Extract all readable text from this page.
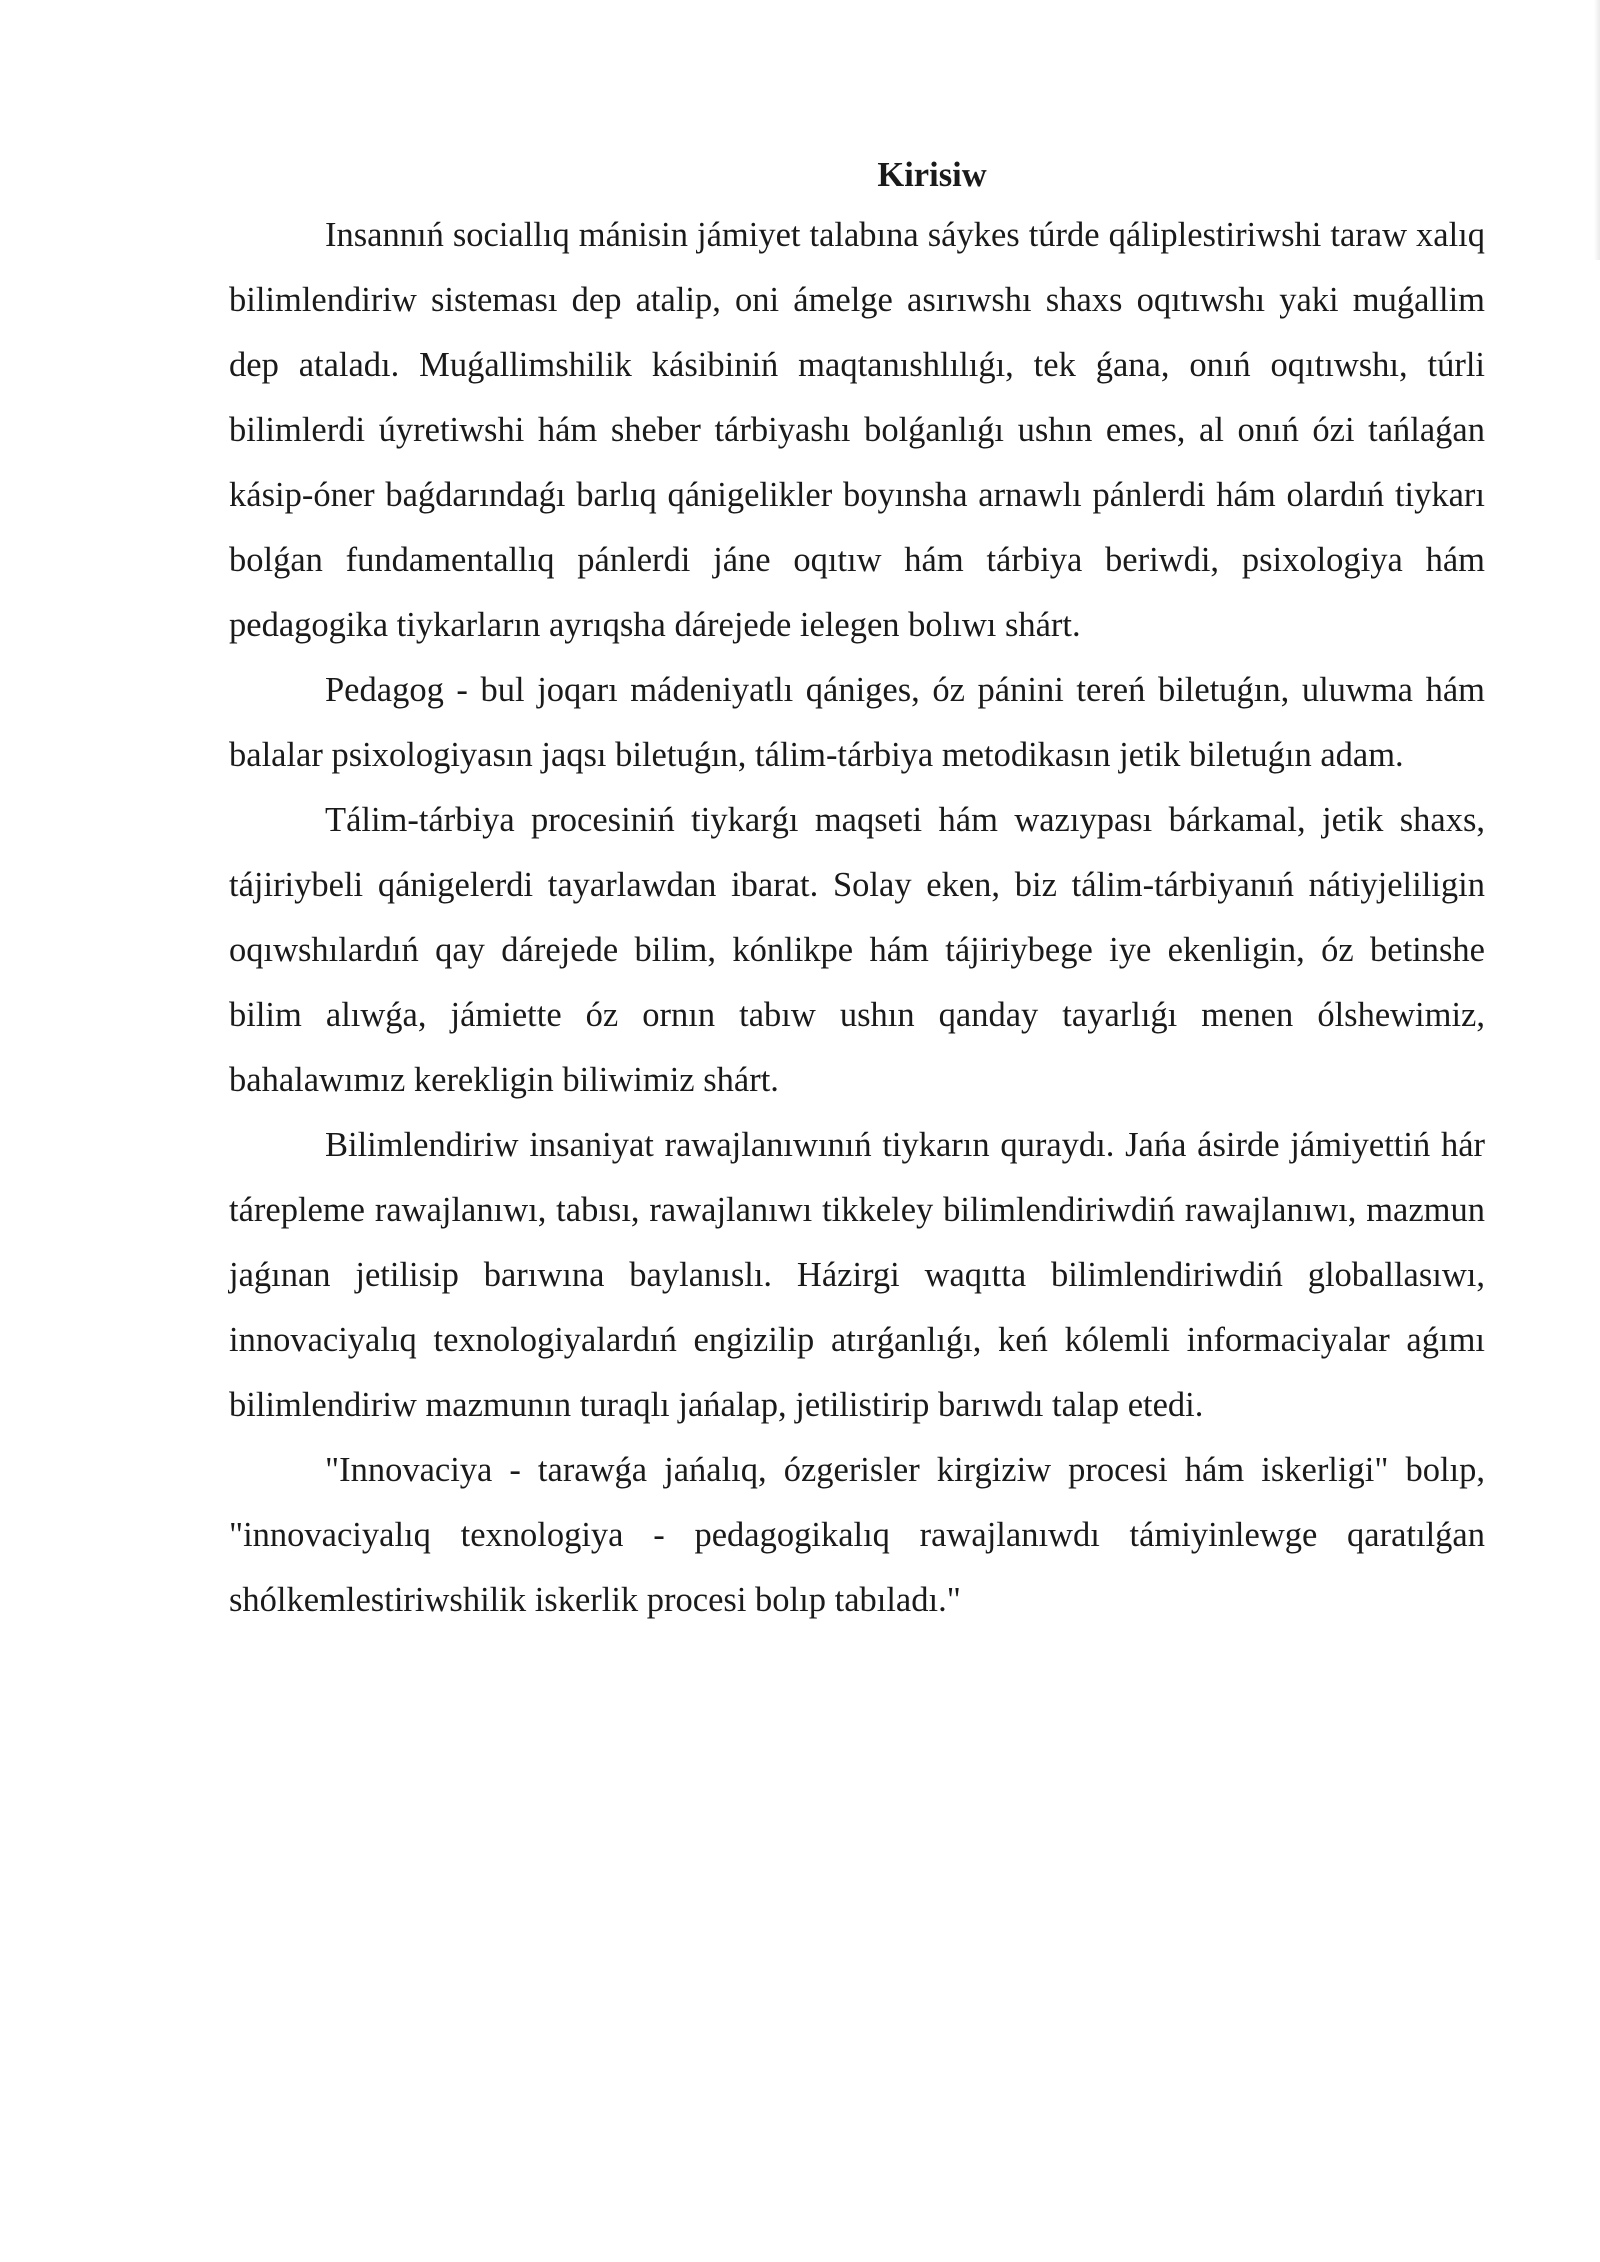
Kirisiw

Insannıń sociallıq mánisin jámiyet talabına sáykes túrde qáliplestiriwshi taraw xalıq bilimlendiriw sisteması dep atalip, oni ámelge asırıwshı shaxs oqıtıwshı yaki muǵallim dep ataladı. Muǵallimshilik kásibiniń maqtanıshlılıǵı, tek ǵana, onıń oqıtıwshı, túrli bilimlerdi úyretiwshi hám sheber tárbiyashı bolǵanlıǵı ushın emes, al onıń ózi tańlaǵan kásip-óner baǵdarındaǵı barlıq qánigelikler boyınsha arnawlı pánlerdi hám olardıń tiykarı bolǵan fundamentallıq pánlerdi jáne oqıtıw hám tárbiya beriwdi, psixologiya hám pedagogika tiykarların ayrıqsha dárejede ielegen bolıwı shárt.

Pedagog - bul joqarı mádeniyatlı qániges, óz pánini tereń biletuǵın, uluwma hám balalar psixologiyasın jaqsı biletuǵın, tálim-tárbiya metodikasın jetik biletuǵın adam.

Tálim-tárbiya procesiniń tiykarǵı maqseti hám wazıypası bárkamal, jetik shaxs, tájiriybeli qánigelerdi tayarlawdan ibarat. Solay eken, biz tálim-tárbiyanıń nátiyjeliligin oqıwshılardıń qay dárejede bilim, kónlikpe hám tájiriybege iye ekenligin, óz betinshe bilim alıwǵa, jámiette óz ornın tabıw ushın qanday tayarlıǵı menen ólshewimiz, bahalawımız kerekligin biliwimiz shárt.

Bilimlendiriw insaniyat rawajlanıwınıń tiykarın quraydı. Jańa ásirde jámiyettiń hár tárepleme rawajlanıwı, tabısı, rawajlanıwı tikkeley bilimlendiriwdiń rawajlanıwı, mazmun jaǵınan jetilisip barıwına baylanıslı. Házirgi waqıtta bilimlendiriwdiń globallasıwı, innovaciyalıq texnologiyalardıń engizilip atırǵanlıǵı, keń kólemli informaciyalar aǵımı bilimlendiriw mazmunın turaqlı jańalap, jetilistirip barıwdı talap etedi.

"Innovaciya - tarawǵa jańalıq, ózgerisler kirgiziw procesi hám iskerligi" bolıp, "innovaciyalıq texnologiya - pedagogikalıq rawajlanıwdı támiyinlewge qaratılǵan shólkemlestiriwshilik iskerlik procesi bolıp tabıladı."
